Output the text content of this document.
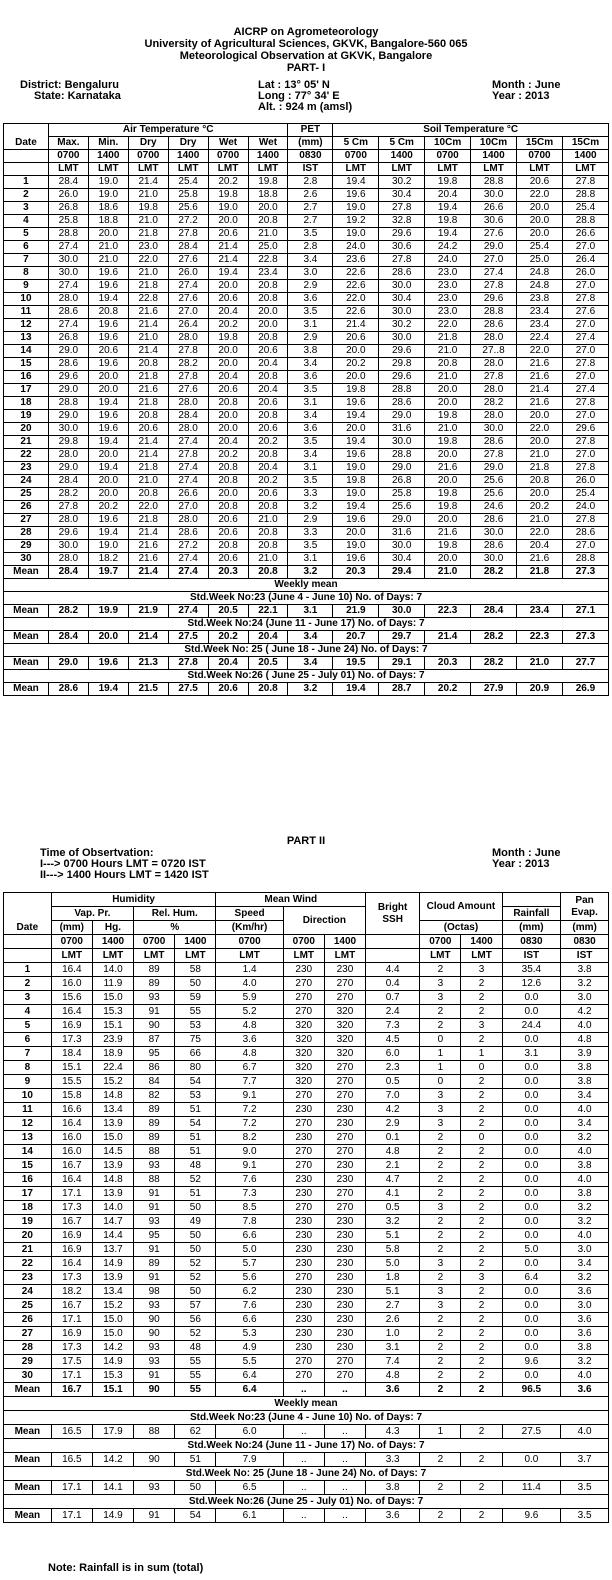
AICRP on Agrometeorology
University of Agricultural Sciences, GKVK, Bangalore-560 065
Meteorological Observation at GKVK, Bangalore
PART- I
District: Bengaluru	Lat : 13° 05' N	Month : June
State: Karnataka	Long : 77° 34' E	Year : 2013
Alt. : 924 m (amsl)
	Air Temperature °C						PET	Soil Temperature °C					
Date	Max.	Min.	Dry	Dry	Wet	Wet	(mm)	5 Cm	5 Cm	10Cm	10Cm	15Cm	15Cm
	0700	1400	0700	1400	0700	1400	0830	0700	1400	0700	1400	0700	1400
	LMT	LMT	LMT	LMT	LMT	LMT	IST	LMT	LMT	LMT	LMT	LMT	LMT
1	28.4	19.0	21.4	25.4	20.2	19.8	2.8	19.4	30.2	19.8	28.8	20.6	27.8
2	26.0	19.0	21.0	25.8	19.8	18.8	2.6	19.6	30.4	20.4	30.0	22.0	28.8
3	26.8	18.6	19.8	25.6	19.0	20.0	2.7	19.0	27.8	19.4	26.6	20.0	25.4
4	25.8	18.8	21.0	27.2	20.0	20.8	2.7	19.2	32.8	19.8	30.6	20.0	28.8
5	28.8	20.0	21.8	27.8	20.6	21.0	3.5	19.0	29.6	19.4	27.6	20.0	26.6
6	27.4	21.0	23.0	28.4	21.4	25.0	2.8	24.0	30.6	24.2	29.0	25.4	27.0
7	30.0	21.0	22.0	27.6	21.4	22.8	3.4	23.6	27.8	24.0	27.0	25.0	26.4
8	30.0	19.6	21.0	26.0	19.4	23.4	3.0	22.6	28.6	23.0	27.4	24.8	26.0
9	27.4	19.6	21.8	27.4	20.0	20.8	2.9	22.6	30.0	23.0	27.8	24.8	27.0
10	28.0	19.4	22.8	27.6	20.6	20.8	3.6	22.0	30.4	23.0	29.6	23.8	27.8
11	28.6	20.8	21.6	27.0	20.4	20.0	3.5	22.6	30.0	23.0	28.8	23.4	27.6
12	27.4	19.6	21.4	26.4	20.2	20.0	3.1	21.4	30.2	22.0	28.6	23.4	27.0
13	26.8	19.6	21.0	28.0	19.8	20.8	2.9	20.6	30.0	21.8	28.0	22.4	27.4
14	29.0	20.6	21.4	27.8	20.0	20.6	3.8	20.0	29.6	21.0	27..8	22.0	27.0
15	28.6	19.6	20.8	28.2	20.0	20.4	3.4	20.2	29.8	20.8	28.0	21.6	27.8
16	29.6	20.0	21.8	27.8	20.4	20.8	3.6	20.0	29.6	21.0	27.8	21.6	27.0
17	29.0	20.0	21.6	27.6	20.6	20.4	3.5	19.8	28.8	20.0	28.0	21.4	27.4
18	28.8	19.4	21.8	28.0	20.8	20.6	3.1	19.6	28.6	20.0	28.2	21.6	27.8
19	29.0	19.6	20.8	28.4	20.0	20.8	3.4	19.4	29.0	19.8	28.0	20.0	27.0
20	30.0	19.6	20.6	28.0	20.0	20.6	3.6	20.0	31.6	21.0	30.0	22.0	29.6
21	29.8	19.4	21.4	27.4	20.4	20.2	3.5	19.4	30.0	19.8	28.6	20.0	27.8
22	28.0	20.0	21.4	27.8	20.2	20.8	3.4	19.6	28.8	20.0	27.8	21.0	27.0
23	29.0	19.4	21.8	27.4	20.8	20.4	3.1	19.0	29.0	21.6	29.0	21.8	27.8
24	28.4	20.0	21.0	27.4	20.8	20.2	3.5	19.8	26.8	20.0	25.6	20.8	26.0
25	28.2	20.0	20.8	26.6	20.0	20.6	3.3	19.0	25.8	19.8	25.6	20.0	25.4
26	27.8	20.2	22.0	27.0	20.8	20.8	3.2	19.4	25.6	19.8	24.6	20.2	24.0
27	28.0	19.6	21.8	28.0	20.6	21.0	2.9	19.6	29.0	20.0	28.6	21.0	27.8
28	29.6	19.4	21.4	28.6	20.6	20.8	3.3	20.0	31.6	21.6	30.0	22.0	28.6
29	30.0	19.0	21.6	27.2	20.8	20.8	3.5	19.0	30.0	19.8	28.6	20.4	27.0
30	28.0	18.2	21.6	27.4	20.6	21.0	3.1	19.6	30.4	20.0	30.0	21.6	28.8
Mean	28.4	19.7	21.4	27.4	20.3	20.8	3.2	20.3	29.4	21.0	28.2	21.8	27.3
Weekly mean													
Std.Week No:23 (June 4 - June 10) No. of Days: 7													
Mean	28.2	19.9	21.9	27.4	20.5	22.1	3.1	21.9	30.0	22.3	28.4	23.4	27.1
Std.Week No:24 (June 11 - June 17) No. of Days: 7													
Mean	28.4	20.0	21.4	27.5	20.2	20.4	3.4	20.7	29.7	21.4	28.2	22.3	27.3
Std.Week No: 25 ( June 18 - June 24) No. of Days: 7													
Mean	29.0	19.6	21.3	27.8	20.4	20.5	3.4	19.5	29.1	20.3	28.2	21.0	27.7
Std.Week No:26 ( June 25 - July 01) No. of Days: 7													
Mean	28.6	19.4	21.5	27.5	20.6	20.8	3.2	19.4	28.7	20.2	27.9	20.9	26.9
PART II
Time of Obsertvation:	Month : June
I---> 0700 Hours LMT = 0720 IST	Year : 2013
II---> 1400 Hours LMT = 1420 IST
Date	Humidity				Mean Wind			Bright SSH	Cloud Amount			Pan Evap.
	Vap. Pr.		Rel. Hum.		Speed	Direction					Rainfall	
	(mm)	Hg.	%		(Km/hr)				(Octas)		(mm)	(mm)
	0700	1400	0700	1400	0700	0700	1400		0700	1400	0830	0830
	LMT	LMT	LMT	LMT	LMT	LMT	LMT		LMT	LMT	IST	IST
1	16.4	14.0	89	58	1.4	230	230	4.4	2	3	35.4	3.8
2	16.0	11.9	89	50	4.0	270	270	0.4	3	2	12.6	3.2
3	15.6	15.0	93	59	5.9	270	270	0.7	3	2	0.0	3.0
4	16.4	15.3	91	55	5.2	270	320	2.4	2	2	0.0	4.2
5	16.9	15.1	90	53	4.8	320	320	7.3	2	3	24.4	4.0
6	17.3	23.9	87	75	3.6	320	320	4.5	0	2	0.0	4.8
7	18.4	18.9	95	66	4.8	320	320	6.0	1	1	3.1	3.9
8	15.1	22.4	86	80	6.7	320	270	2.3	1	0	0.0	3.8
9	15.5	15.2	84	54	7.7	320	270	0.5	0	2	0.0	3.8
10	15.8	14.8	82	53	9.1	270	270	7.0	3	2	0.0	3.4
11	16.6	13.4	89	51	7.2	230	230	4.2	3	2	0.0	4.0
12	16.4	13.9	89	54	7.2	270	230	2.9	3	2	0.0	3.4
13	16.0	15.0	89	51	8.2	230	270	0.1	2	0	0.0	3.2
14	16.0	14.5	88	51	9.0	270	270	4.8	2	2	0.0	4.0
15	16.7	13.9	93	48	9.1	270	230	2.1	2	2	0.0	3.8
16	16.4	14.8	88	52	7.6	230	230	4.7	2	2	0.0	4.0
17	17.1	13.9	91	51	7.3	230	270	4.1	2	2	0.0	3.8
18	17.3	14.0	91	50	8.5	270	270	0.5	3	2	0.0	3.2
19	16.7	14.7	93	49	7.8	230	230	3.2	2	2	0.0	3.2
20	16.9	14.4	95	50	6.6	230	230	5.1	2	2	0.0	4.0
21	16.9	13.7	91	50	5.0	230	230	5.8	2	2	5.0	3.0
22	16.4	14.9	89	52	5.7	230	230	5.0	3	2	0.0	3.4
23	17.3	13.9	91	52	5.6	270	230	1.8	2	3	6.4	3.2
24	18.2	13.4	98	50	6.2	230	230	5.1	3	2	0.0	3.6
25	16.7	15.2	93	57	7.6	230	230	2.7	3	2	0.0	3.0
26	17.1	15.0	90	56	6.6	230	230	2.6	2	2	0.0	3.6
27	16.9	15.0	90	52	5.3	230	230	1.0	2	2	0.0	3.6
28	17.3	14.2	93	48	4.9	230	230	3.1	2	2	0.0	3.8
29	17.5	14.9	93	55	5.5	270	270	7.4	2	2	9.6	3.2
30	17.1	15.3	91	55	6.4	270	270	4.8	2	2	0.0	4.0
Mean	16.7	15.1	90	55	6.4	..	..	3.6	2	2	96.5	3.6
Weekly mean												
Std.Week No:23 (June 4 - June 10) No. of Days: 7												
Mean	16.5	17.9	88	62	6.0	..	..	4.3	1	2	27.5	4.0
Std.Week No:24 (June 11 - June 17) No. of Days: 7												
Mean	16.5	14.2	90	51	7.9	..	..	3.3	2	2	0.0	3.7
Std.Week No: 25 (June 18 - June 24) No. of Days: 7												
Mean	17.1	14.1	93	50	6.5	..	..	3.8	2	2	11.4	3.5
Std.Week No:26 (June 25 - July 01) No. of Days: 7												
Mean	17.1	14.9	91	54	6.1	..	..	3.6	2	2	9.6	3.5
Note: Rainfall is in sum (total)
